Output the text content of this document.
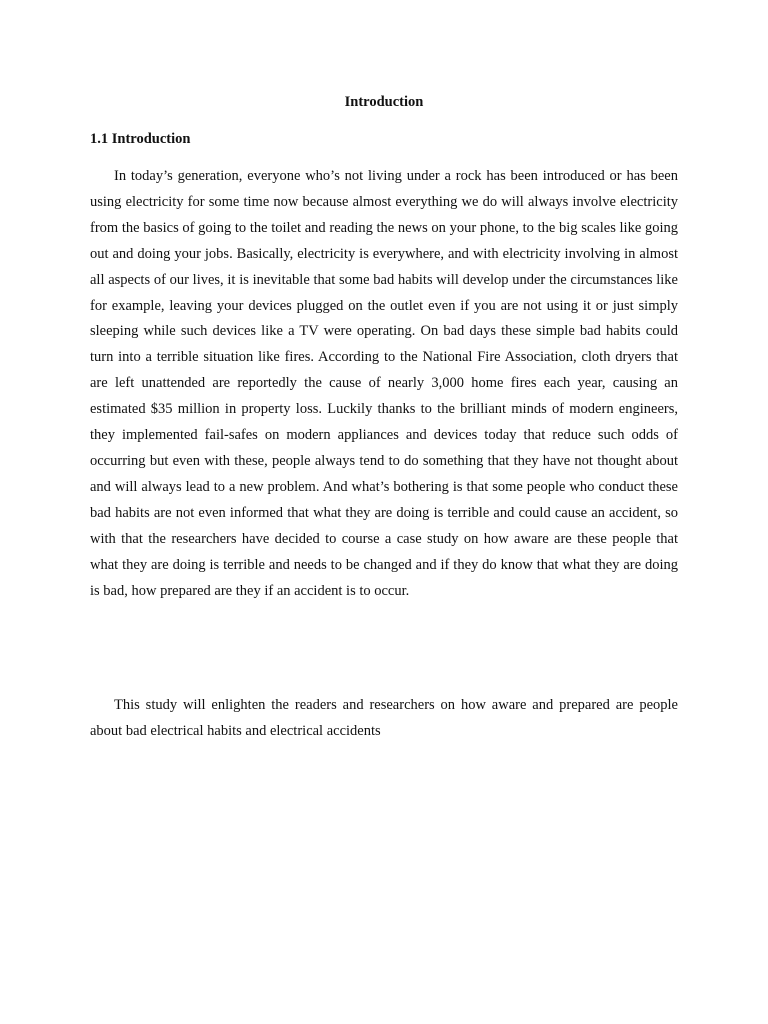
Introduction
1.1 Introduction

In today’s generation, everyone who’s not living under a rock has been introduced or has been using electricity for some time now because almost everything we do will always involve electricity from the basics of going to the toilet and reading the news on your phone, to the big scales like going out and doing your jobs. Basically, electricity is everywhere, and with electricity involving in almost all aspects of our lives, it is inevitable that some bad habits will develop under the circumstances like for example, leaving your devices plugged on the outlet even if you are not using it or just simply sleeping while such devices like a TV were operating. On bad days these simple bad habits could turn into a terrible situation like fires. According to the National Fire Association, cloth dryers that are left unattended are reportedly the cause of nearly 3,000 home fires each year, causing an estimated $35 million in property loss. Luckily thanks to the brilliant minds of modern engineers, they implemented fail-safes on modern appliances and devices today that reduce such odds of occurring but even with these, people always tend to do something that they have not thought about and will always lead to a new problem. And what’s bothering is that some people who conduct these bad habits are not even informed that what they are doing is terrible and could cause an accident, so with that the researchers have decided to course a case study on how aware are these people that what they are doing is terrible and needs to be changed and if they do know that what they are doing is bad, how prepared are they if an accident is to occur.

This study will enlighten the readers and researchers on how aware and prepared are people about bad electrical habits and electrical accidents
